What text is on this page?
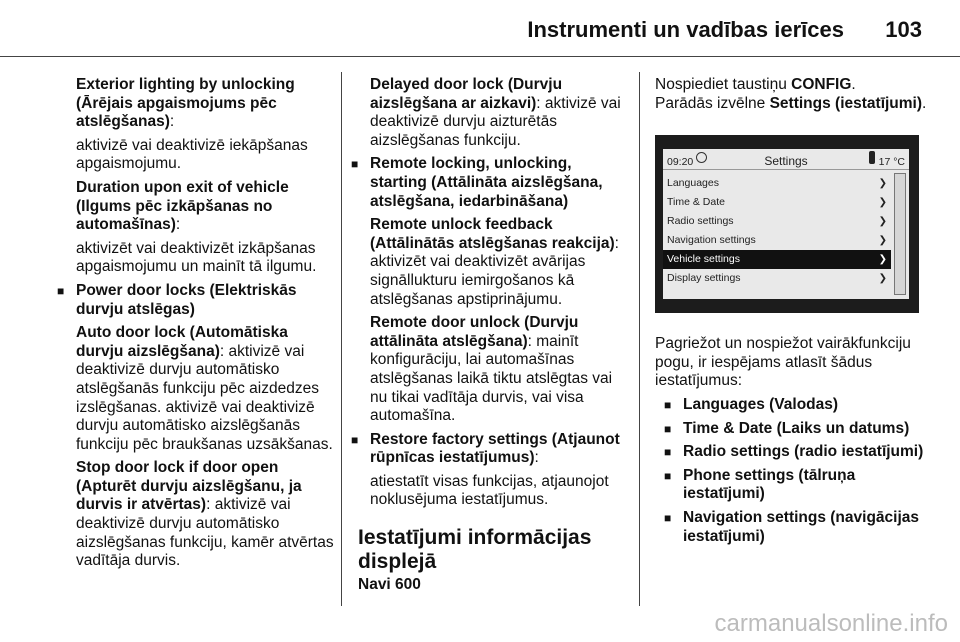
Instrumenti un vadības ierīces 103

Exterior lighting by unlocking (Ārējais apgaismojums pēc atslēgšanas):

aktivizē vai deaktivizē iekāpšanas apgaismojumu.

Duration upon exit of vehicle (Ilgums pēc izkāpšanas no automašīnas):

aktivizēt vai deaktivizēt izkāpšanas apgaismojumu un mainīt tā ilgumu.

■ Power door locks (Elektriskās durvju atslēgas)

Auto door lock (Automātiska durvju aizslēgšana): aktivizē vai deaktivizē durvju automātisko atslēgšanās funkciju pēc aizdedzes izslēgšanas. aktivizē vai deaktivizē durvju automātisko aizslēgšanās funkciju pēc braukšanas uzsākšanas.

Stop door lock if door open (Apturēt durvju aizslēgšanu, ja durvis ir atvērtas): aktivizē vai deaktivizē durvju automātisko aizslēgšanas funkciju, kamēr atvērtas vadītāja durvis.

Delayed door lock (Durvju aizslēgšana ar aizkavi): aktivizē vai deaktivizē durvju aizturētās aizslēgšanas funkciju.

■ Remote locking, unlocking, starting (Attālināta aizslēgšana, atslēgšana, iedarbināšana)

Remote unlock feedback (Attālinātās atslēgšanas reakcija): aktivizēt vai deaktivizēt avārijas signāllukturu iemirgošanos kā atslēgšanas apstiprinājumu.

Remote door unlock (Durvju attālināta atslēgšana): mainīt konfigurāciju, lai automašīnas atslēgšanas laikā tiktu atslēgtas vai nu tikai vadītāja durvis, vai visa automašīna.

■ Restore factory settings (Atjaunot rūpnīcas iestatījumus):

atiestatīt visas funkcijas, atjaunojot noklusējuma iestatījumus.

Iestatījumi informācijas displejā
Navi 600

Nospiediet taustiņu CONFIG.

Parādās izvēlne Settings (iestatījumi).

09:20	Settings	17 °C
Languages	❯
Time & Date	❯
Radio settings	❯
Navigation settings	❯
Vehicle settings	❯
Display settings	❯

Pagriežot un nospiežot vairākfunkciju pogu, ir iespējams atlasīt šādus iestatījumus:

■ Languages (Valodas)

■ Time & Date (Laiks un datums)

■ Radio settings (radio iestatījumi)

■ Phone settings (tālruņa iestatījumi)

■ Navigation settings (navigācijas iestatījumi)

carmanualsonline.info
